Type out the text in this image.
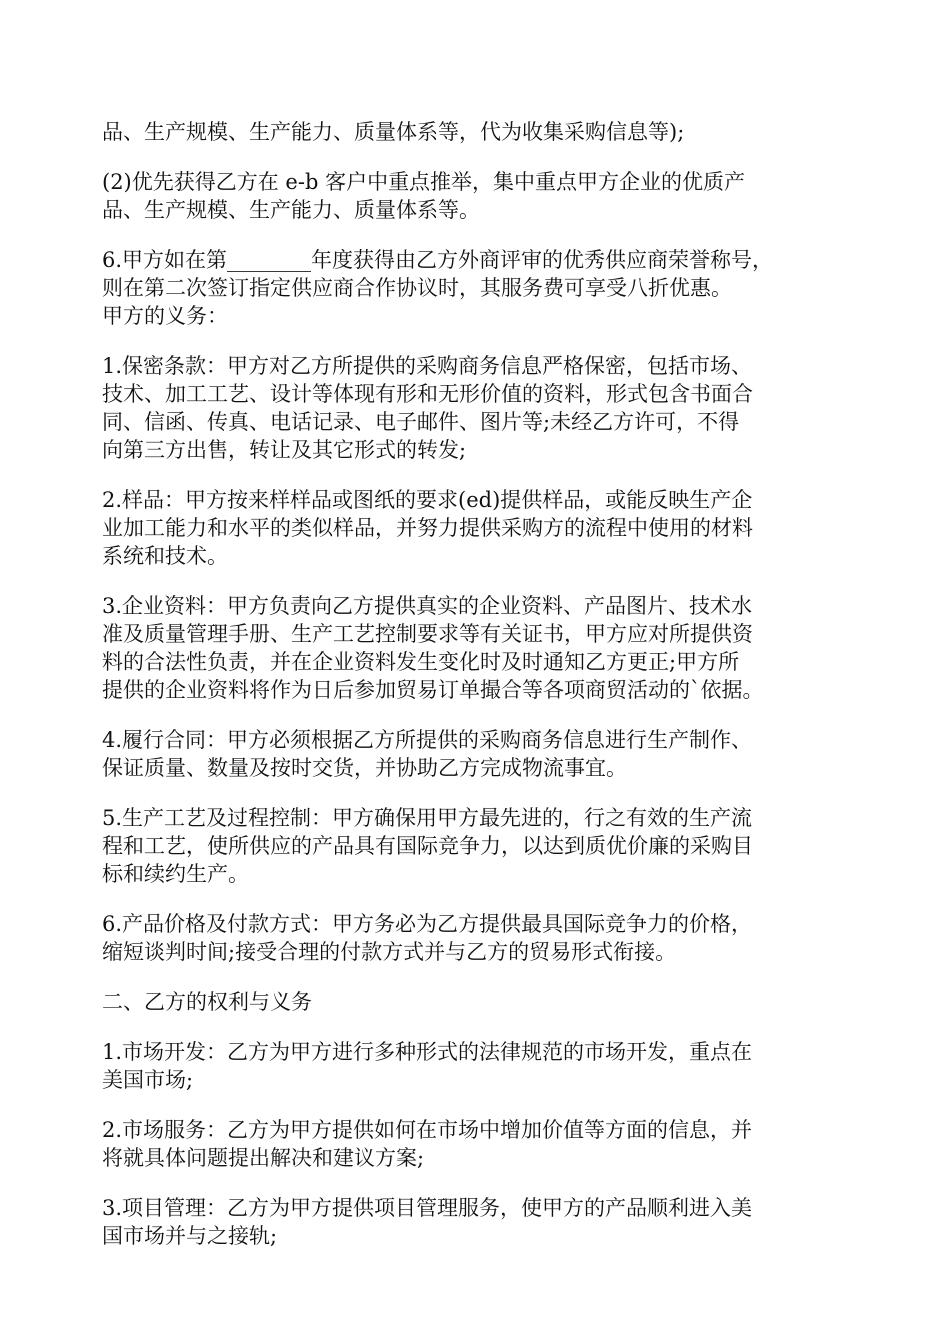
品、生产规模、生产能力、质量体系等，代为收集采购信息等);
(2)优先获得乙方在 e-b 客户中重点推举，集中重点甲方企业的优质产
品、生产规模、生产能力、质量体系等。
6.甲方如在第________年度获得由乙方外商评审的优秀供应商荣誉称号，
则在第二次签订指定供应商合作协议时，其服务费可享受八折优惠。
甲方的义务：
1.保密条款：甲方对乙方所提供的采购商务信息严格保密，包括市场、
技术、加工工艺、设计等体现有形和无形价值的资料，形式包含书面合
同、信函、传真、电话记录、电子邮件、图片等;未经乙方许可，不得
向第三方出售，转让及其它形式的转发;
2.样品：甲方按来样样品或图纸的要求(ed)提供样品，或能反映生产企
业加工能力和水平的类似样品，并努力提供采购方的流程中使用的材料
系统和技术。
3.企业资料：甲方负责向乙方提供真实的企业资料、产品图片、技术水
准及质量管理手册、生产工艺控制要求等有关证书，甲方应对所提供资
料的合法性负责，并在企业资料发生变化时及时通知乙方更正;甲方所
提供的企业资料将作为日后参加贸易订单撮合等各项商贸活动的`依据。
4.履行合同：甲方必须根据乙方所提供的采购商务信息进行生产制作、
保证质量、数量及按时交货，并协助乙方完成物流事宜。
5.生产工艺及过程控制：甲方确保用甲方最先进的，行之有效的生产流
程和工艺，使所供应的产品具有国际竞争力，以达到质优价廉的采购目
标和续约生产。
6.产品价格及付款方式：甲方务必为乙方提供最具国际竞争力的价格，
缩短谈判时间;接受合理的付款方式并与乙方的贸易形式衔接。
二、乙方的权利与义务
1.市场开发：乙方为甲方进行多种形式的法律规范的市场开发，重点在
美国市场;
2.市场服务：乙方为甲方提供如何在市场中增加价值等方面的信息，并
将就具体问题提出解决和建议方案;
3.项目管理：乙方为甲方提供项目管理服务，使甲方的产品顺利进入美
国市场并与之接轨;
